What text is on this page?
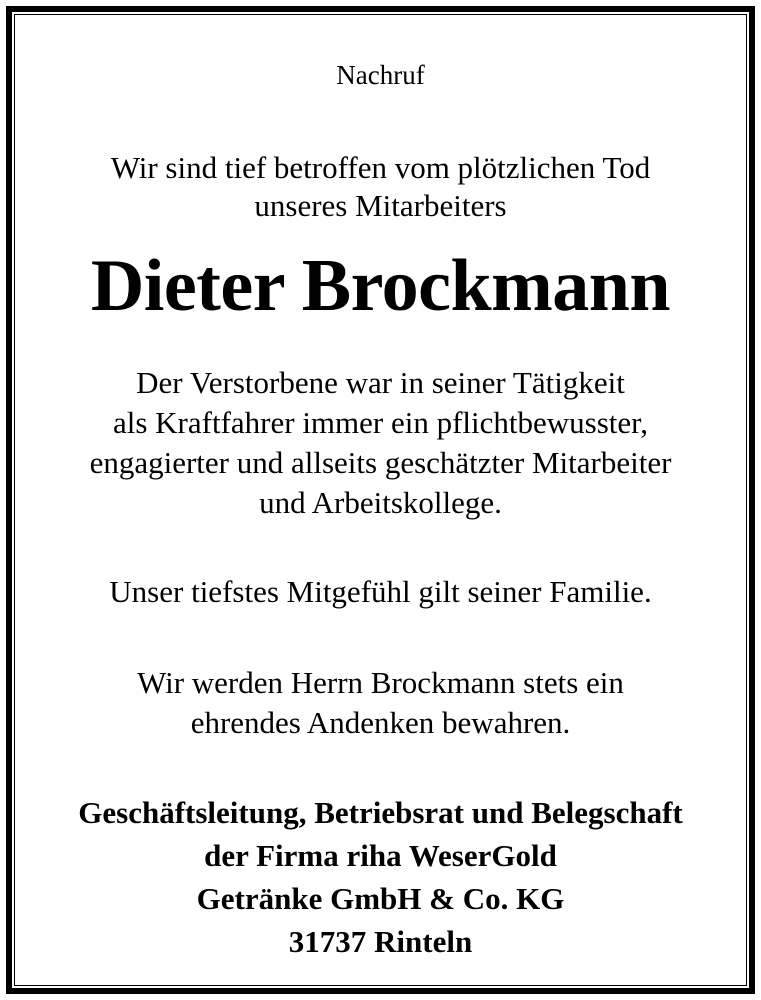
Nachruf
Wir sind tief betroffen vom plötzlichen Tod
unseres Mitarbeiters
Dieter Brockmann
Der Verstorbene war in seiner Tätigkeit
als Kraftfahrer immer ein pflichtbewusster,
engagierter und allseits geschätzter Mitarbeiter
und Arbeitskollege.
Unser tiefstes Mitgefühl gilt seiner Familie.
Wir werden Herrn Brockmann stets ein
ehrendes Andenken bewahren.
Geschäftsleitung, Betriebsrat und Belegschaft
der Firma riha WeserGold
Getränke GmbH & Co. KG
31737 Rinteln
